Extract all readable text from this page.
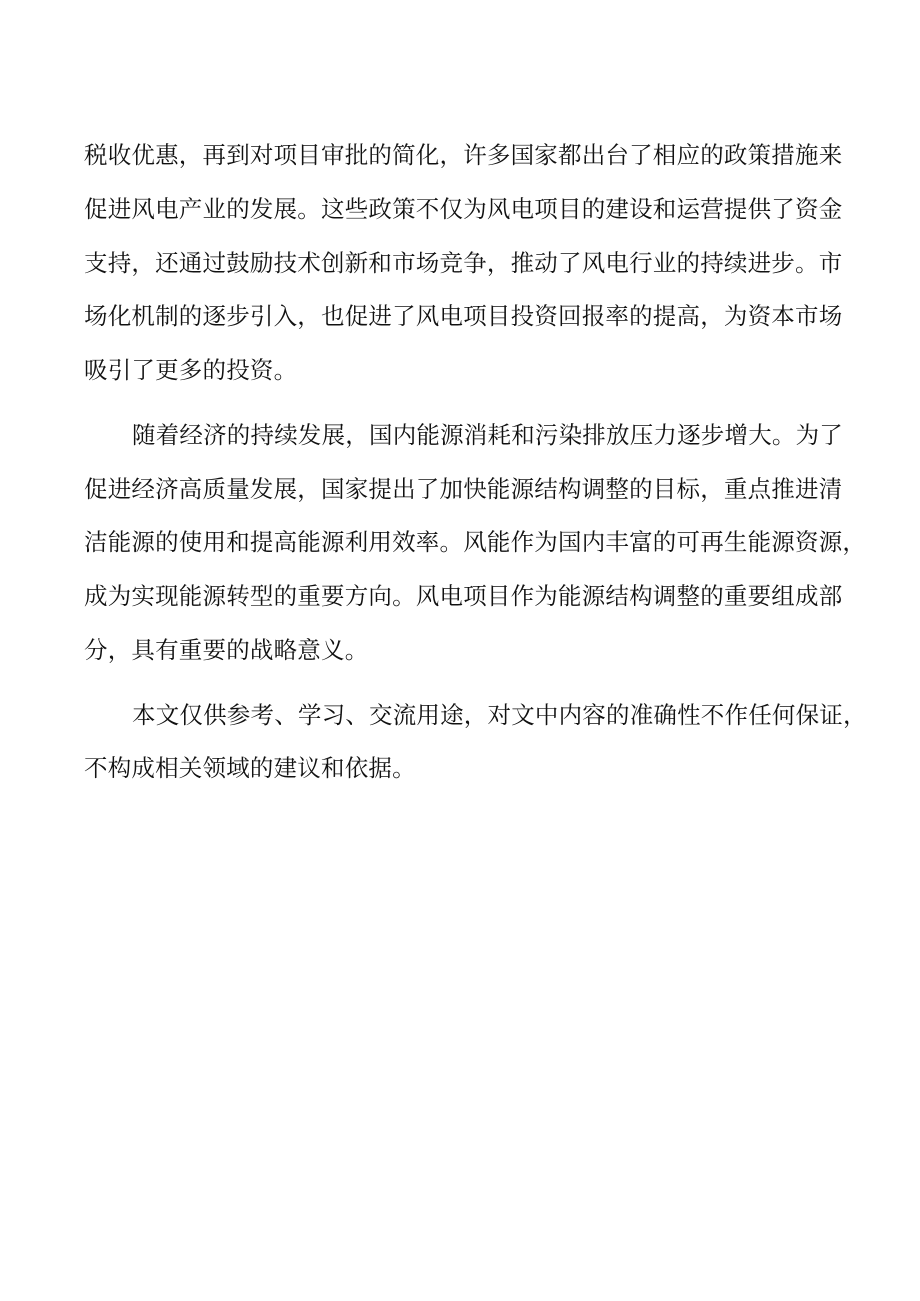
税收优惠，再到对项目审批的简化，许多国家都出台了相应的政策措施来

促进风电产业的发展。这些政策不仅为风电项目的建设和运营提供了资金

支持，还通过鼓励技术创新和市场竞争，推动了风电行业的持续进步。市

场化机制的逐步引入，也促进了风电项目投资回报率的提高，为资本市场

吸引了更多的投资。

随着经济的持续发展，国内能源消耗和污染排放压力逐步增大。为了

促进经济高质量发展，国家提出了加快能源结构调整的目标，重点推进清

洁能源的使用和提高能源利用效率。风能作为国内丰富的可再生能源资源，

成为实现能源转型的重要方向。风电项目作为能源结构调整的重要组成部

分，具有重要的战略意义。

本文仅供参考、学习、交流用途，对文中内容的准确性不作任何保证，

不构成相关领域的建议和依据。
